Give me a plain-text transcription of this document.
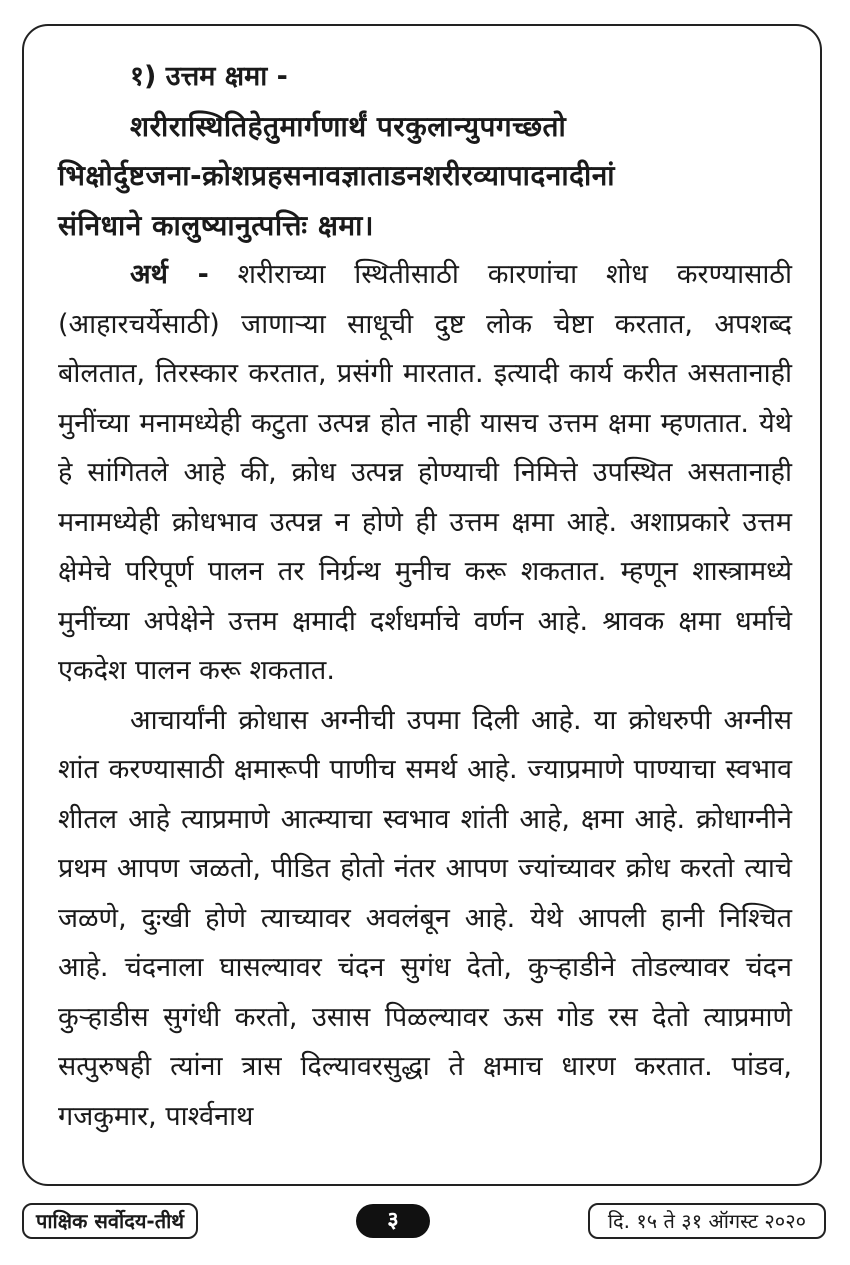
१) उत्तम क्षमा -
शरीरास्थितिहेतुमार्गणार्थं परकुलान्युपगच्छतो
भिक्षोर्दुष्टजना-क्रोशप्रहसनावज्ञाताडनशरीरव्यापादनादीनां
संनिधाने कालुष्यानुत्पत्तिः क्षमा।

अर्थ - शरीराच्या स्थितीसाठी कारणांचा शोध करण्यासाठी (आहारचर्येसाठी) जाणाऱ्या साधूची दुष्ट लोक चेष्टा करतात, अपशब्द बोलतात, तिरस्कार करतात, प्रसंगी मारतात. इत्यादी कार्य करीत असतानाही मुनींच्या मनामध्येही कटुता उत्पन्न होत नाही यासच उत्तम क्षमा म्हणतात. येथे हे सांगितले आहे की, क्रोध उत्पन्न होण्याची निमित्ते उपस्थित असतानाही मनामध्येही क्रोधभाव उत्पन्न न होणे ही उत्तम क्षमा आहे. अशाप्रकारे उत्तम क्षेमेचे परिपूर्ण पालन तर निर्ग्रन्थ मुनीच करू शकतात. म्हणून शास्त्रामध्ये मुनींच्या अपेक्षेने उत्तम क्षमादी दर्शधर्माचे वर्णन आहे. श्रावक क्षमा धर्माचे एकदेश पालन करू शकतात.

आचार्यांनी क्रोधास अग्नीची उपमा दिली आहे. या क्रोधरुपी अग्नीस शांत करण्यासाठी क्षमारूपी पाणीच समर्थ आहे. ज्याप्रमाणे पाण्याचा स्वभाव शीतल आहे त्याप्रमाणे आत्म्याचा स्वभाव शांती आहे, क्षमा आहे. क्रोधाग्नीने प्रथम आपण जळतो, पीडित होतो नंतर आपण ज्यांच्यावर क्रोध करतो त्याचे जळणे, दुःखी होणे त्याच्यावर अवलंबून आहे. येथे आपली हानी निश्चित आहे. चंदनाला घासल्यावर चंदन सुगंध देतो, कुऱ्हाडीने तोडल्यावर चंदन कुऱ्हाडीस सुगंधी करतो, उसास पिळल्यावर ऊस गोड रस देतो त्याप्रमाणे सत्पुरुषही त्यांना त्रास दिल्यावरसुद्धा ते क्षमाच धारण करतात. पांडव, गजकुमार, पार्श्वनाथ

पाक्षिक सर्वोदय-तीर्थ	३	दि. १५ ते ३१ ऑगस्ट २०२०
